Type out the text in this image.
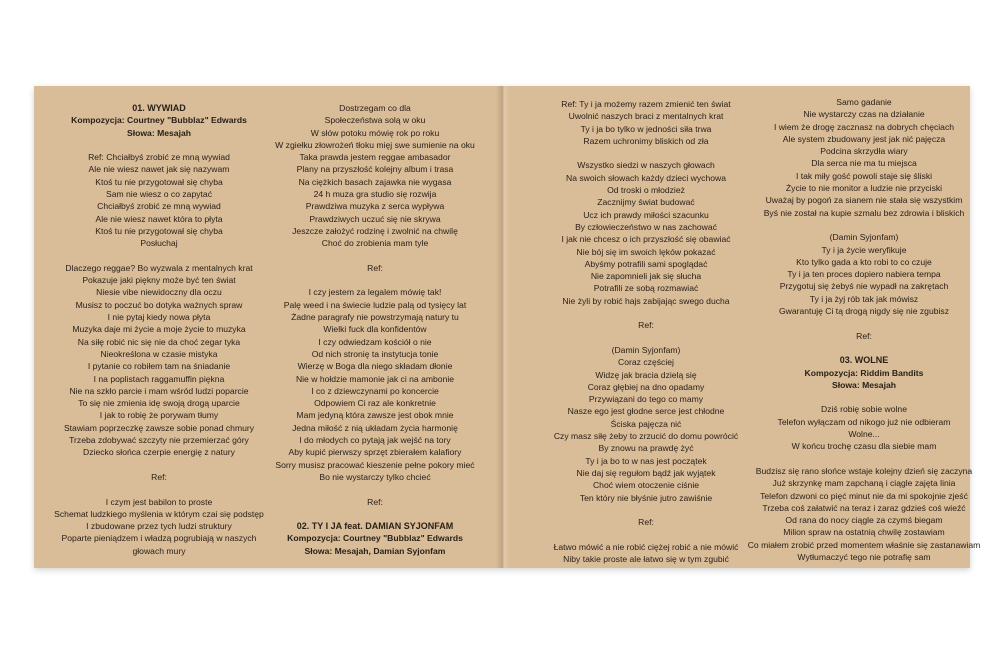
01. WYWIAD
Kompozycja: Courtney "Bubblaz" Edwards
Słowa: Mesajah
Ref: Chciałbyś zrobić ze mną wywiad
Ale nie wiesz nawet jak się nazywam
Ktoś tu nie przygotował się chyba
Sam nie wiesz o co zapytać
Chciałbyś zrobić ze mną wywiad
Ale nie wiesz nawet która to płyta
Ktoś tu nie przygotował się chyba
Posłuchaj
Dlaczego reggae? Bo wyzwala z mentalnych krat
Pokazuje jaki piękny może być ten świat
Niesie vibe niewidoczny dla oczu
Musisz to poczuć bo dotyka ważnych spraw
I nie pytaj kiedy nowa płyta
Muzyka daje mi życie a moje życie to muzyka
Na siłę robić nic się nie da choć zegar tyka
Nieokreślona w czasie mistyka
I pytanie co robiłem tam na śniadanie
I na poplistach raggamuffin piękna
Nie na szkło parcie i mam wśród ludzi poparcie
To się nie zmienia idę swoją drogą uparcie
I jak to robię że porywam tłumy
Stawiam poprzeczkę zawsze sobie ponad chmury
Trzeba zdobywać szczyty nie przemierzać góry
Dziecko słońca czerpie energię z natury
Ref:
I czym jest babilon to proste
Schemat ludzkiego myślenia w którym czai się podstęp
I zbudowane przez tych ludzi struktury
Poparte pieniądzem i władzą pogrubiają w naszych
głowach mury
Dostrzegam co dla
Społeczeństwa solą w oku
W słów potoku mówię rok po roku
W zgiełku złowrożeń tłoku mięj swe sumienie na oku
Taka prawda jestem reggae ambasador
Plany na przyszłość kolejny album i trasa
Na ciężkich basach zajawka nie wygasa
24 h muza gra studio się rozwija
Prawdziwa muzyka z serca wypływa
Prawdziwych uczuć się nie skrywa
Jeszcze założyć rodzinę i zwolnić na chwilę
Choć do zrobienia mam tyle
Ref:
I czy jestem za legalem mówię tak!
Palę weed i na świecie ludzie palą od tysięcy lat
Żadne paragrafy nie powstrzymają natury tu
Wielki fuck dla konfidentów
I czy odwiedzam kościół o nie
Od nich stronię ta instytucja tonie
Wierzę w Boga dla niego składam dłonie
Nie w hołdzie mamonie jak ci na ambonie
I co z dziewczynami po koncercie
Odpowiem Ci raz ale konkretnie
Mam jedyną która zawsze jest obok mnie
Jedna miłość z nią układam życia harmonię
I do młodych co pytają jak wejść na tory
Aby kupić pierwszy sprzęt zbierałem kalafiory
Sorry musisz pracować kieszenie pełne pokory mieć
Bo nie wystarczy tylko chcieć
Ref:
02. TY I JA feat. DAMIAN SYJONFAM
Kompozycja: Courtney "Bubblaz" Edwards
Słowa: Mesajah, Damian Syjonfam
Ref: Ty i ja możemy razem zmienić ten świat
Uwolnić naszych braci z mentalnych krat
Ty i ja bo tylko w jedności siła trwa
Razem uchronimy bliskich od zła
Wszystko siedzi w naszych głowach
Na swoich słowach każdy dzieci wychowa
Od troski o młodzież
Zacznijmy świat budować
Ucz ich prawdy miłości szacunku
By człowieczeństwo w nas zachować
I jak nie chcesz o ich przyszłość się obawiać
Nie bój się im swoich lęków pokazać
Abyśmy potrafili sami spoglądać
Nie zapomnieli jak się słucha
Potrafili ze sobą rozmawiać
Nie żyli by robić hajs zabijając swego ducha
Ref:
(Damin Syjonfam)
Coraz częściej
Widzę jak bracia dzielą się
Coraz głębiej na dno opadamy
Przywiązani do tego co mamy
Nasze ego jest głodne serce jest chłodne
Ściska pajęcza nić
Czy masz siłę żeby to zrzucić do domu powrócić
By znowu na prawdę żyć
Ty i ja bo to w nas jest początek
Nie daj się regułom bądź jak wyjątek
Choć wiem otoczenie ciśnie
Ten który nie błyśnie jutro zawiśnie
Ref:
Łatwo mówić a nie robić ciężej robić a nie mówić
Niby takie proste ale łatwo się w tym zgubić
Samo gadanie
Nie wystarczy czas na działanie
I wiem że drogę zacznasz na dobrych chęciach
Ale system zbudowany jest jak nić pajęcza
Podcina skrzydła wiary
Dla serca nie ma tu miejsca
I tak miły gość powoli staje się śliski
Życie to nie monitor a ludzie nie przyciski
Uważaj by pogoń za sianem nie stała się wszystkim
Byś nie został na kupie szmalu bez zdrowia i bliskich
(Damin Syjonfam)
Ty i ja życie weryfikuje
Kto tylko gada a kto robi to co czuje
Ty i ja ten proces dopiero nabiera tempa
Przygotuj się żebyś nie wypadł na zakrętach
Ty i ja żyj rób tak jak mówisz
Gwarantuję Ci tą drogą nigdy się nie zgubisz
Ref:
03. WOLNE
Kompozycja: Riddim Bandits
Słowa: Mesajah
Dziś robię sobie wolne
Telefon wyłączam od nikogo już nie odbieram
Wolne...
W końcu trochę czasu dla siebie mam
Budzisz się rano słońce wstaje kolejny dzień się zaczyna
Już skrzynkę mam zapchaną i ciągle zajęta linia
Telefon dzwoni co pięć minut nie da mi spokojnie zjeść
Trzeba coś załatwić na teraz i zaraz gdzieś coś wieźć
Od rana do nocy ciągle za czymś biegam
Milion spraw na ostatnią chwilę zostawiam
Co miałem zrobić przed momentem właśnie się zastanawiam
Wytłumaczyć tego nie potrafię sam
